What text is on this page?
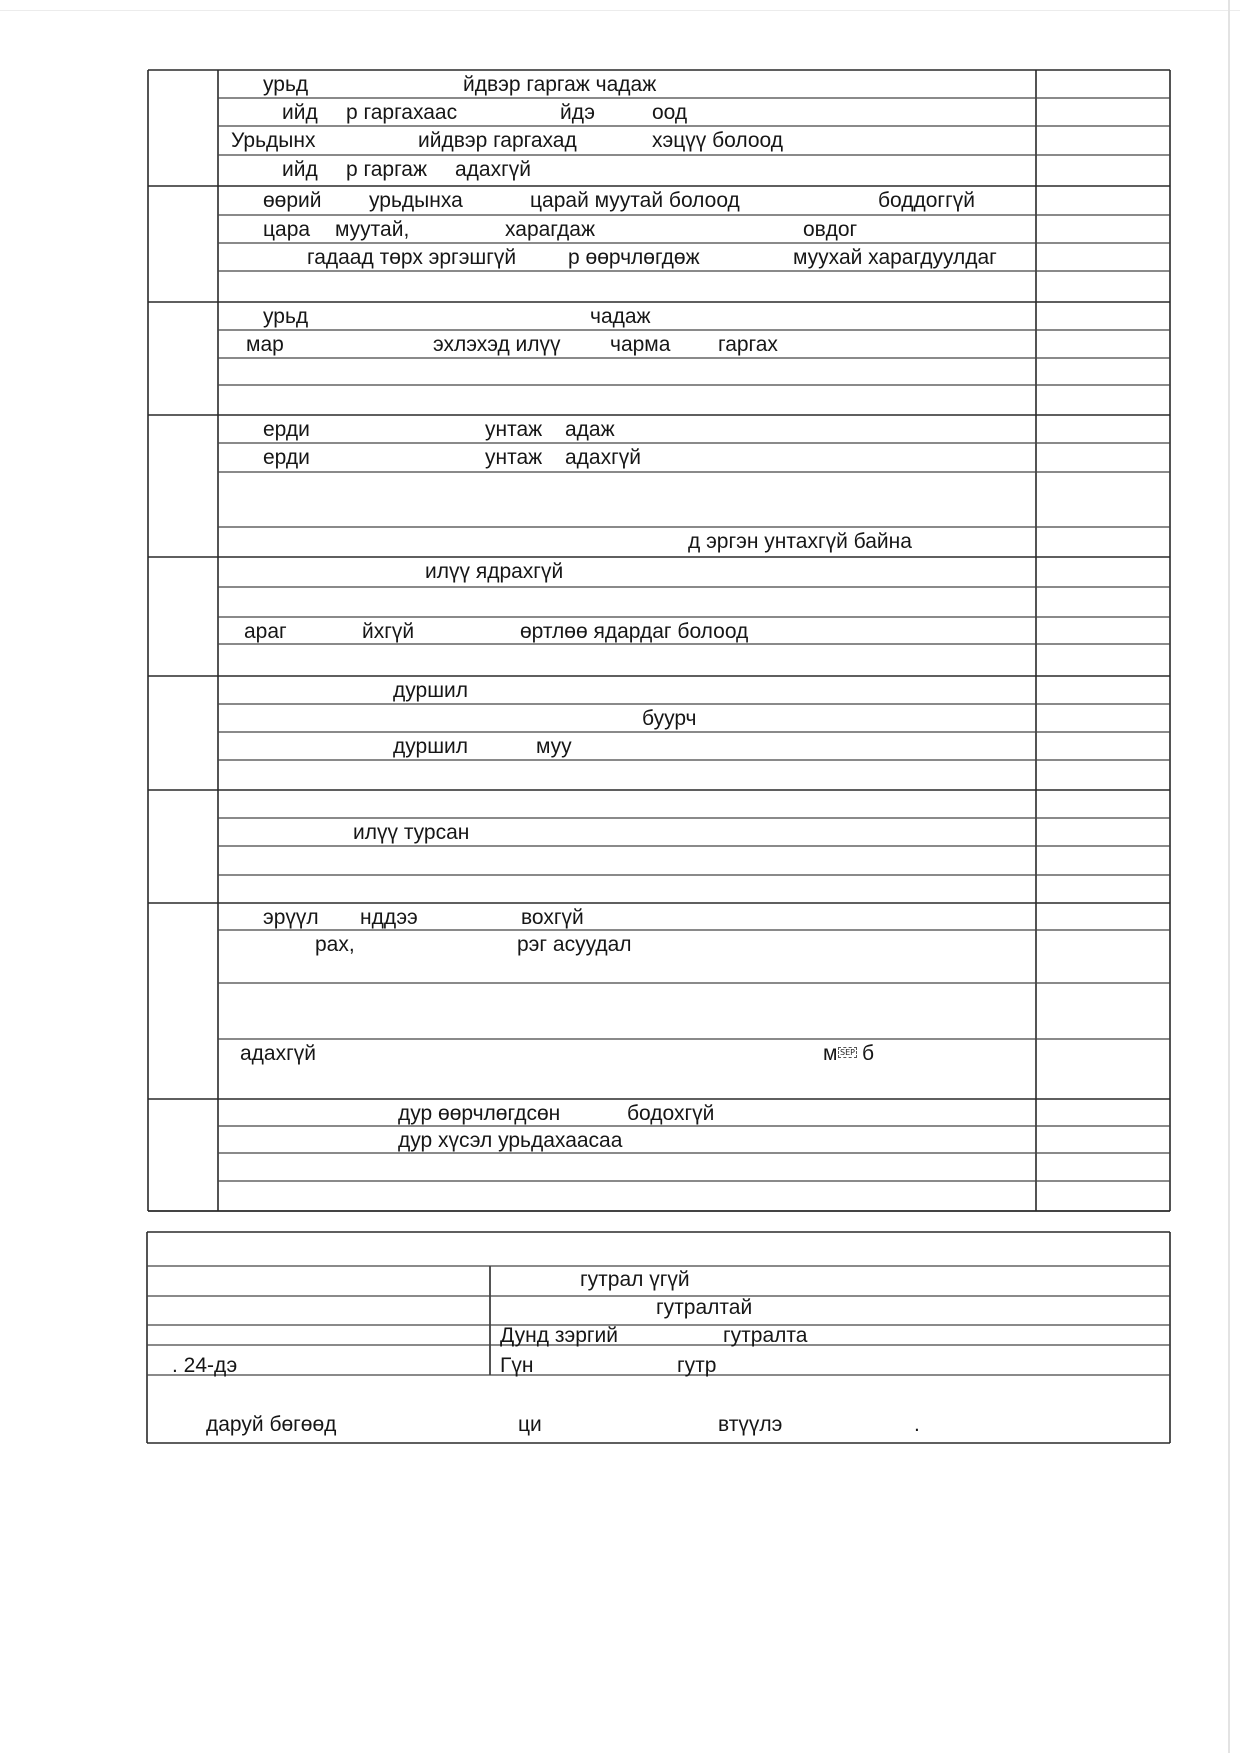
урьд	йдвэр гаргаж чадаж
ийд р гаргахаас	йдэ	оод
Урьдынх	ийдвэр гаргахад	хэцүү болоод
ийд р гаргаж адахгүй
өөрий урьдынха	царай муутай болоод	боддоггүй
цара муутай,	харагдаж	овдог
гадаад төрх эргэшгүй р өөрчлөгдөж	муухай харагдуулдаг
урьд	чадаж
мар	эхлэхэд илүү чарма гаргах
ерди	унтаж адаж
ерди	унтаж адахгүй
д эргэн унтахгүй байна
илүү ядрахгүй
араг	йхгүй	өртлөө ядардаг болоод
дуршил
буурч
дуршил	муу
илүү турсан
эрүүл нддээ	вохгүй
рах,	рэг асуудал
адахгүй
дур өөрчлөгдсөн	бодохгүй
дур хүсэл урьдахаасаа
м SEP б
гутрал үгүй
гутралтай
Дунд зэргий	гутралта
. 24-дэ	Гүн	гутр
даруй бөгөөд	ци	втүүлэ	.
